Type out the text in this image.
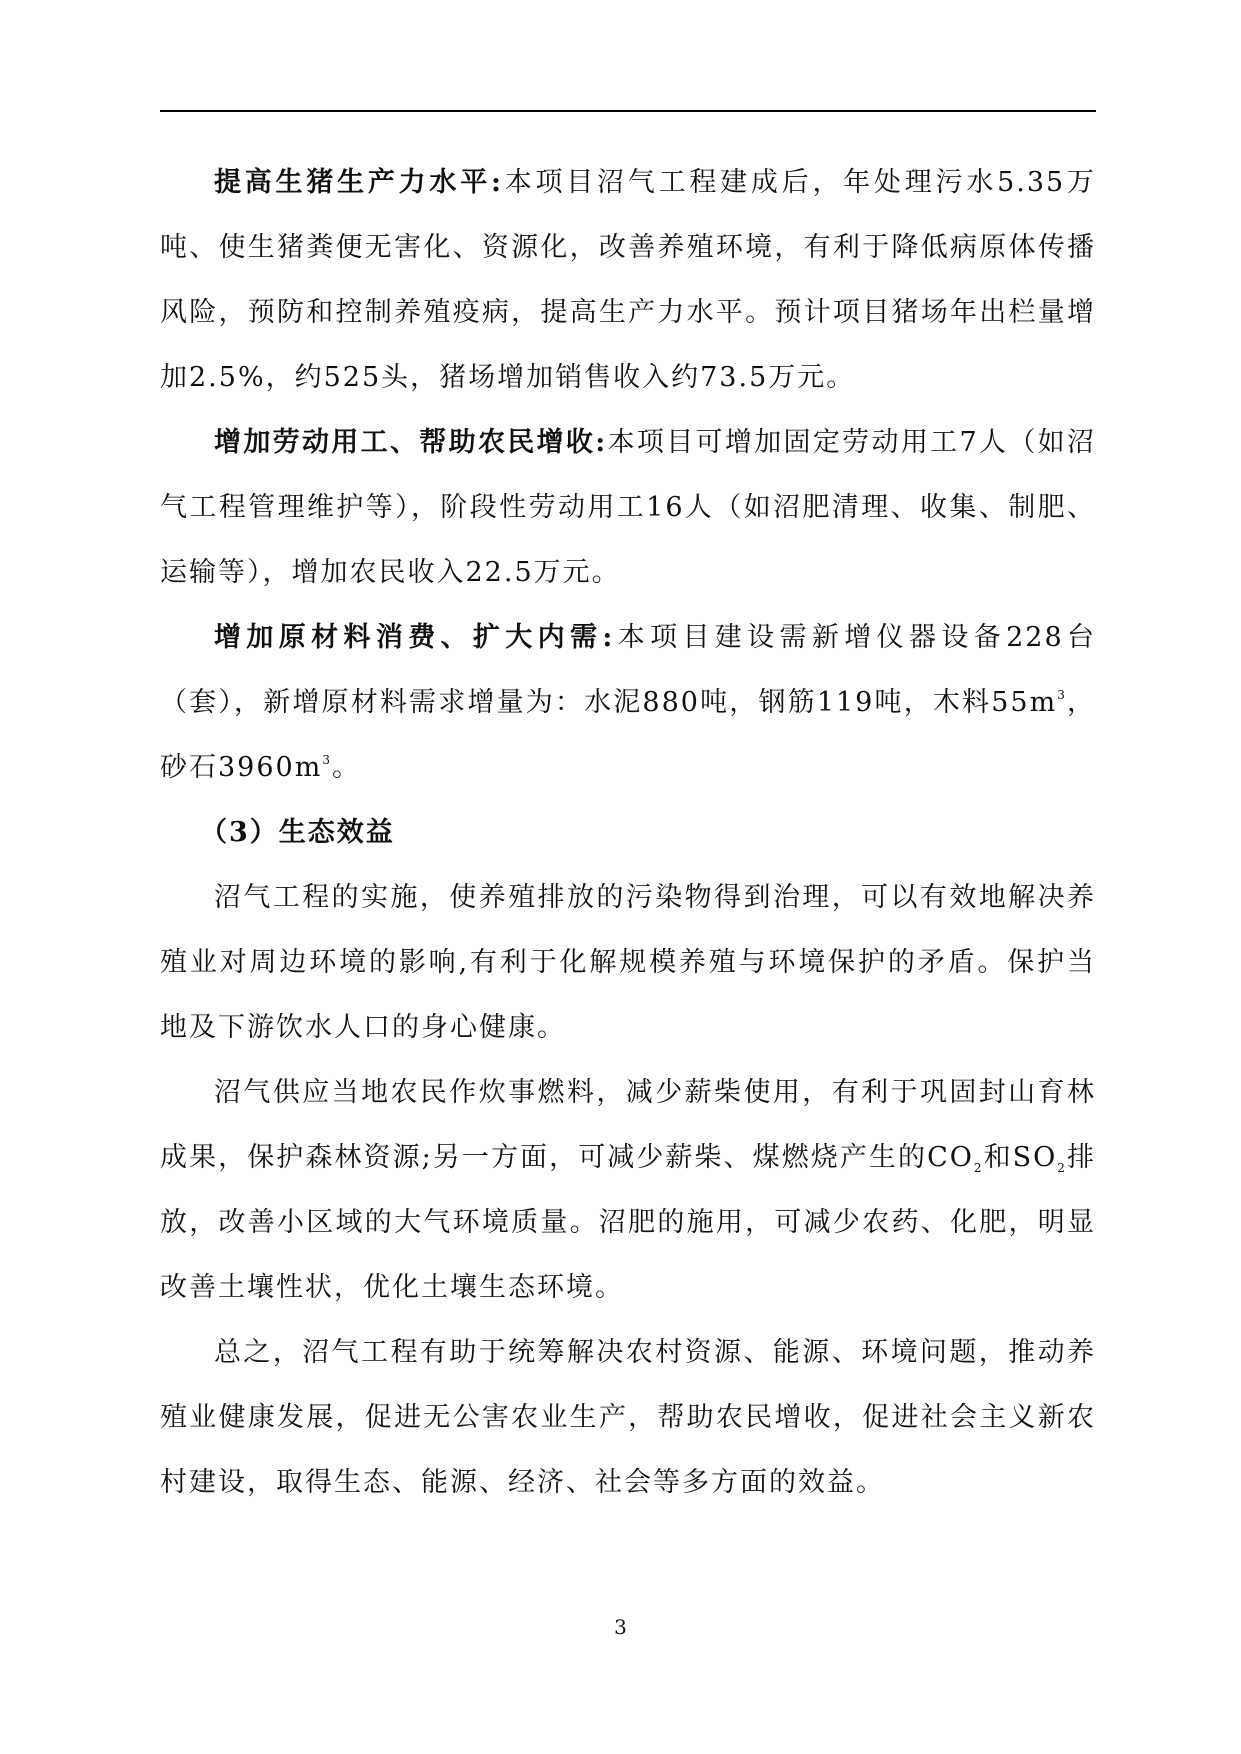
提高生猪生产力水平:本项目沼气工程建成后，年处理污水5.35万吨、使生猪粪便无害化、资源化，改善养殖环境，有利于降低病原体传播风险，预防和控制养殖疫病，提高生产力水平。预计项目猪场年出栏量增加2.5%，约525头，猪场增加销售收入约73.5万元。

增加劳动用工、帮助农民增收:本项目可增加固定劳动用工7人（如沼气工程管理维护等），阶段性劳动用工16人（如沼肥清理、收集、制肥、运输等），增加农民收入22.5万元。

增加原材料消费、扩大内需:本项目建设需新增仪器设备228台（套），新增原材料需求增量为：水泥880吨，钢筋119吨，木料$55m^3$，砂石$3960m^3$。

（3）生态效益

沼气工程的实施，使养殖排放的污染物得到治理，可以有效地解决养殖业对周边环境的影响,有利于化解规模养殖与环境保护的矛盾。保护当地及下游饮水人口的身心健康。

沼气供应当地农民作炊事燃料，减少薪柴使用，有利于巩固封山育林成果，保护森林资源;另一方面，可减少薪柴、煤燃烧产生的$CO_2$和$SO_2$排放，改善小区域的大气环境质量。沼肥的施用，可减少农药、化肥，明显改善土壤性状，优化土壤生态环境。

总之，沼气工程有助于统筹解决农村资源、能源、环境问题，推动养殖业健康发展，促进无公害农业生产，帮助农民增收，促进社会主义新农村建设，取得生态、能源、经济、社会等多方面的效益。

3
